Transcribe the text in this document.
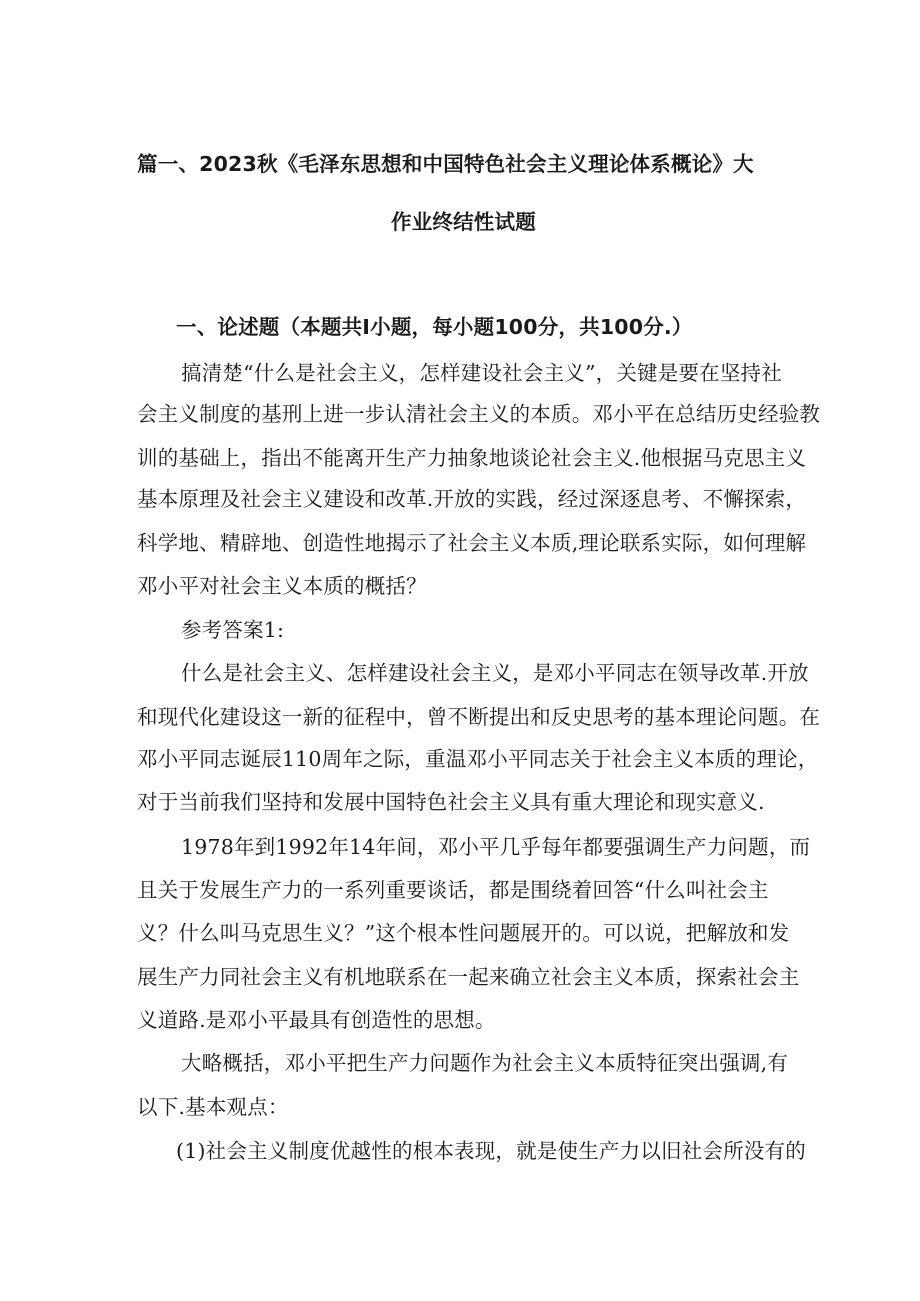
篇一、2023秋《毛泽东思想和中国特色社会主义理论体系概论》大
作业终结性试题
一、论述题（本题共I小题，每小题100分，共100分.）
搞清楚“什么是社会主义，怎样建设社会主义”，关键是要在坚持社
会主义制度的基刑上进一步认清社会主义的本质。邓小平在总结历史经验教
训的基础上，指出不能离开生产力抽象地谈论社会主义.他根据马克思主义
基本原理及社会主义建设和改革.开放的实践，经过深逐息考、不懈探索，
科学地、精辟地、创造性地揭示了社会主义本质,理论联系实际，如何理解
邓小平对社会主义本质的概括？
参考答案1:
什么是社会主义、怎样建设社会主义，是邓小平同志在领导改革.开放
和现代化建设这一新的征程中，曾不断提出和反史思考的基本理论问题。在
邓小平同志诞辰110周年之际，重温邓小平同志关于社会主义本质的理论，
对于当前我们坚持和发展中国特色社会主义具有重大理论和现实意义.
1978年到1992年14年间，邓小平几乎每年都要强调生产力问题，而
且关于发展生产力的一系列重要谈话，都是围绕着回答“什么叫社会主
义？什么叫马克思生义？”这个根本性问题展开的。可以说，把解放和发
展生产力同社会主义有机地联系在一起来确立社会主义本质，探索社会主
义道路.是邓小平最具有创造性的思想。
大略概括，邓小平把生产力问题作为社会主义本质特征突出强调,有
以下.基本观点：
(1)社会主义制度优越性的根本表现，就是使生产力以旧社会所没有的
